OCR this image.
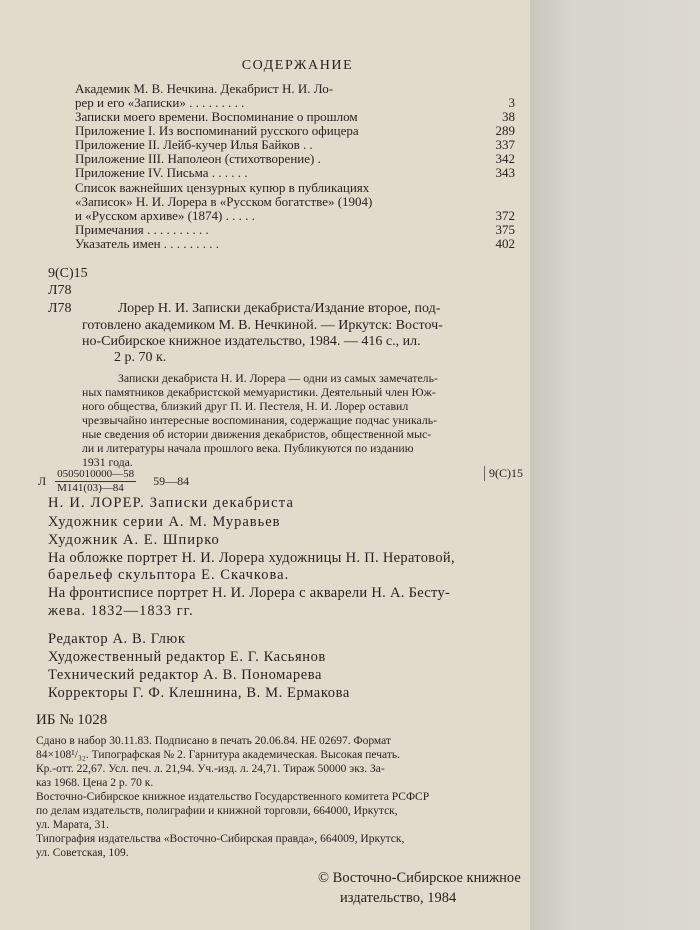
СОДЕРЖАНИЕ
Академик М. В. Нечкина. Декабрист Н. И. Ло-
рер и его «Записки» . . . . . . . . .	3
Записки моего времени. Воспоминание о прошлом	38
Приложение I. Из воспоминаний русского офицера	289
Приложение II. Лейб-кучер Илья Байков . .	337
Приложение III. Наполеон (стихотворение) .	342
Приложение IV. Письма . . . . . .	343
Список важнейших цензурных купюр в публикациях
«Записок» Н. И. Лорера в «Русском богатстве» (1904)
и «Русском архиве» (1874) . . . . .	372
Примечания . . . . . . . . . .	375
Указатель имен . . . . . . . . .	402
9(С)15
Л78
Л78	Лорер Н. И. Записки декабриста/Издание второе, под-
готовлено академиком М. В. Нечкиной. — Иркутск: Восточ-
но-Сибирское книжное издательство, 1984. — 416 с., ил.
2 р. 70 к.
Записки декабриста Н. И. Лорера — одни из самых замечатель-
ных памятников декабристской мемуаристики. Деятельный член Юж-
ного общества, близкий друг П. И. Пестеля, Н. И. Лорер оставил
чрезвычайно интересные воспоминания, содержащие подчас уникаль-
ные сведения об истории движения декабристов, общественной мыс-
ли и литературы начала прошлого века. Публикуются по изданию
1931 года.
Л $\frac{0505010000—58}{М141(03)—84}$ 59—84
9(С)15
Н. И. ЛОРЕР. Записки декабриста
Художник серии А. М. Муравьев
Художник А. Е. Шпирко
На обложке портрет Н. И. Лорера художницы Н. П. Нератовой,
барельеф скульптора Е. Скачкова.
На фронтисписе портрет Н. И. Лорера с акварели Н. А. Бесту-
жева. 1832—1833 гг.
Редактор А. В. Глюк
Художественный редактор Е. Г. Касьянов
Технический редактор А. В. Пономарева
Корректоры Г. Ф. Клешнина, В. М. Ермакова
ИБ № 1028
Сдано в набор 30.11.83. Подписано в печать 20.06.84. НЕ 02697. Формат
84×108¹/₃₂. Типографская № 2. Гарнитура академическая. Высокая печать.
Кр.-отт. 22,67. Усл. печ. л. 21,94. Уч.-изд. л. 24,71. Тираж 50000 экз. За-
каз 1968. Цена 2 р. 70 к.
Восточно-Сибирское книжное издательство Государственного комитета РСФСР
по делам издательств, полиграфии и книжной торговли, 664000, Иркутск,
ул. Марата, 31.
Типография издательства «Восточно-Сибирская правда», 664009, Иркутск,
ул. Советская, 109.
© Восточно-Сибирское книжное
издательство, 1984
